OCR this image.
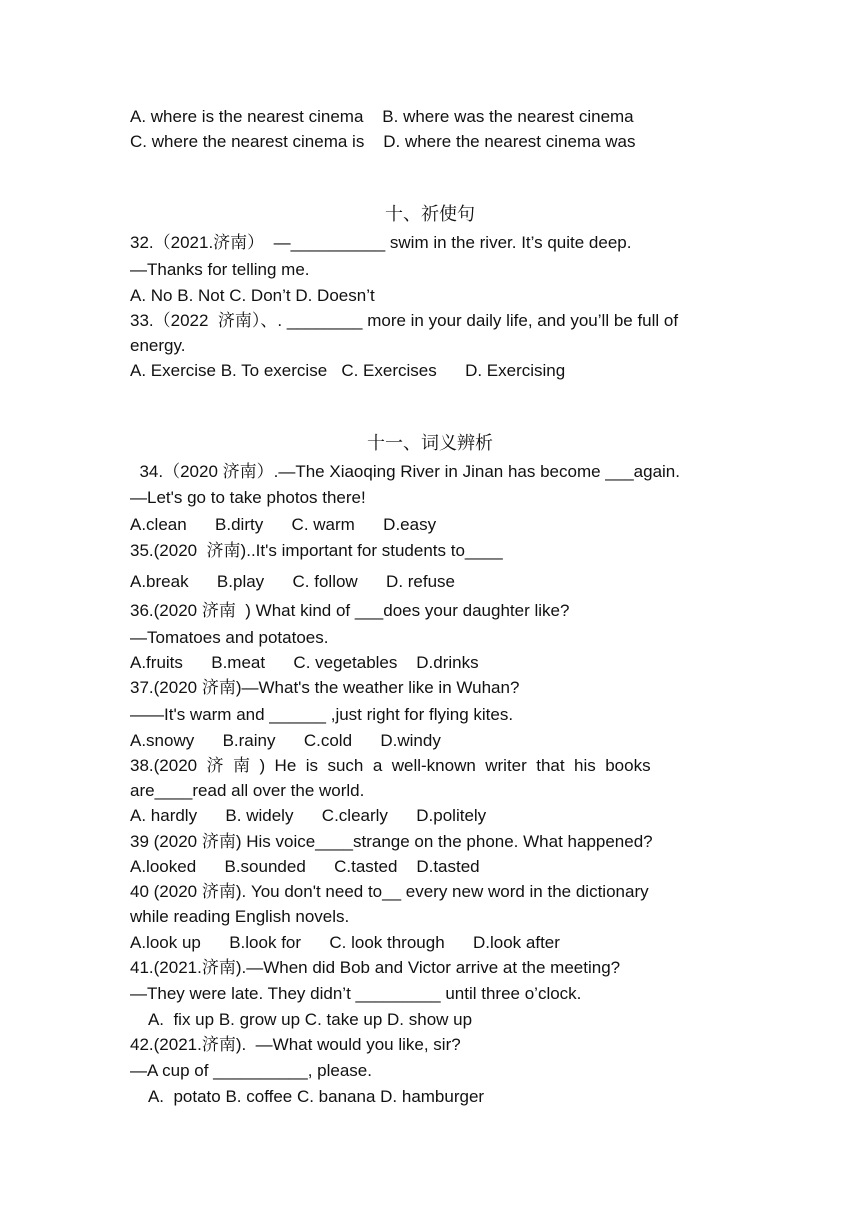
A. where is the nearest cinema    B. where was the nearest cinema
C. where the nearest cinema is    D. where the nearest cinema was
十、祈使句
32.（2021.济南）  —__________ swim in the river. It’s quite deep.
—Thanks for telling me.
A. No B. Not C. Don’t D. Doesn’t
33.（2022  济南）、. ________ more in your daily life, and you’ll be full of
energy.
A. Exercise B. To exercise   C. Exercises      D. Exercising
十一、词义辨析
34.（2020 济南）.—The Xiaoqing River in Jinan has become ___again.
—Let's go to take photos there!
A.clean      B.dirty      C. warm      D.easy
35.(2020  济南)..It's important for students to____
A.break      B.play      C. follow      D. refuse
36.(2020 济南  ) What kind of ___does your daughter like?
—Tomatoes and potatoes.
A.fruits      B.meat      C. vegetables    D.drinks
37.(2020 济南)—What's the weather like in Wuhan?
——It's warm and ______ ,just right for flying kites.
A.snowy      B.rainy      C.cold      D.windy
38.(2020  济  南  )  He  is  such  a  well-known  writer  that  his  books
are____read all over the world.
A. hardly      B. widely      C.clearly      D.politely
39 (2020 济南) His voice____strange on the phone. What happened?
A.looked      B.sounded      C.tasted    D.tasted
40 (2020 济南). You don't need to__ every new word in the dictionary
while reading English novels.
A.look up      B.look for      C. look through      D.look after
41.(2021.济南).—When did Bob and Victor arrive at the meeting?
—They were late. They didn’t _________ until three o’clock.
A.  fix up B. grow up C. take up D. show up
42.(2021.济南).  —What would you like, sir?
—A cup of __________, please.
A.  potato B. coffee C. banana D. hamburger
